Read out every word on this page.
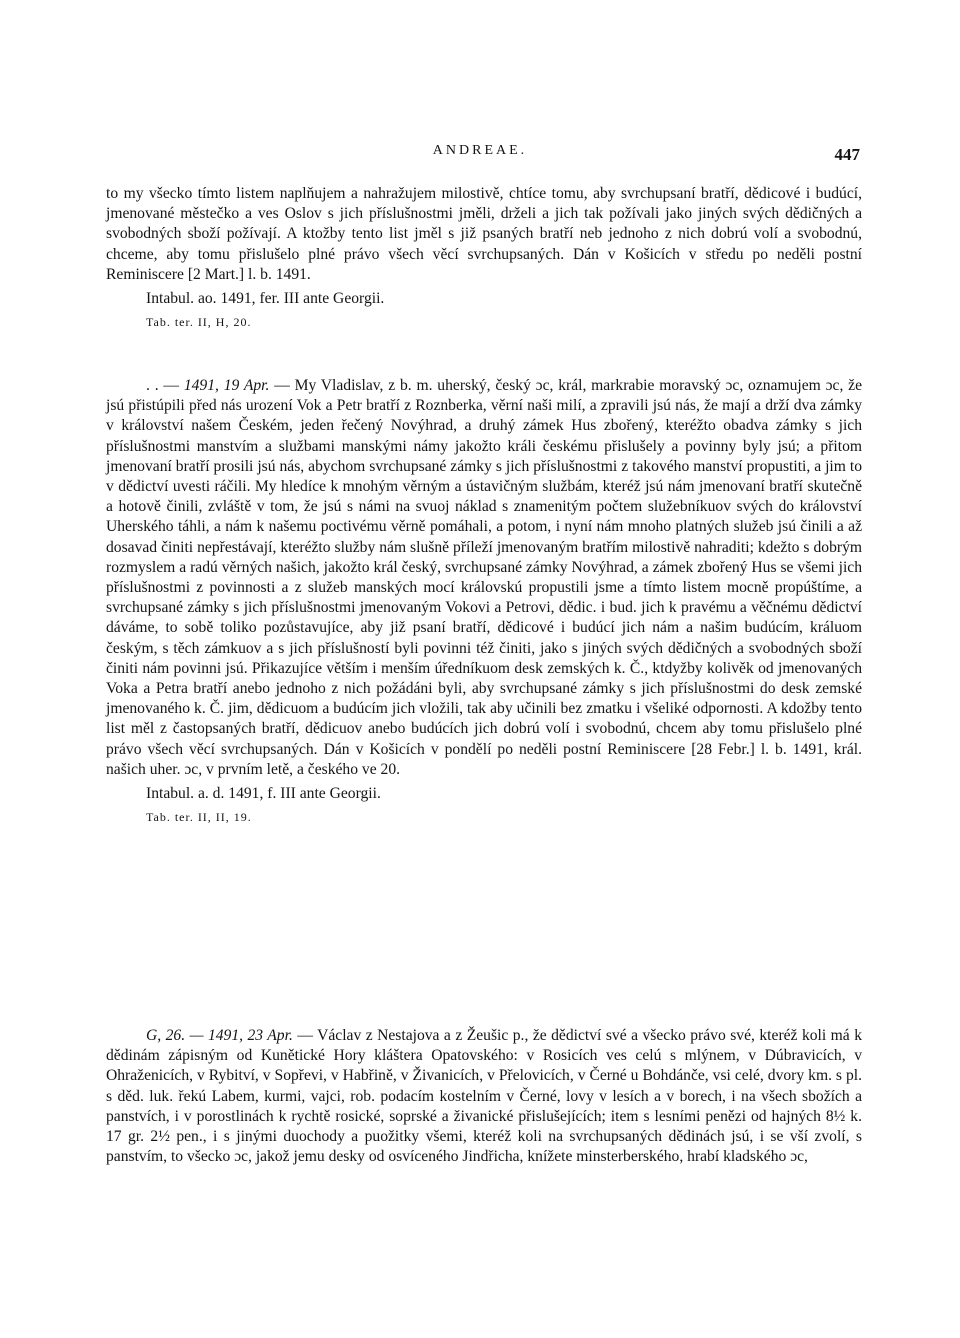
ANDREAE.	447

to my všecko tímto listem naplňujem a nahražujem milostivě, chtíce tomu, aby svrchupsaní bratří, dědicové i budúcí, jmenované městečko a ves Oslov s jich příslušnostmi jměli, drželi a jich tak požívali jako jiných svých dědičných a svobodných sboží požívají. A ktožby tento list jměl s již psaných bratří neb jednoho z nich dobrú volí a svobodnú, chceme, aby tomu přislušelo plné právo všech věcí svrchupsaných. Dán v Košicích v středu po neděli postní Reminiscere [2 Mart.] l. b. 1491.

Intabul. ao. 1491, fer. III ante Georgii.
Tab. ter. II, H, 20.

. . — 1491, 19 Apr. — My Vladislav, z b. m. uherský, český ɔc, král, markrabie moravský ɔc, oznamujem ɔc, že jsú přistúpili před nás urození Vok a Petr bratří z Roznberka, věrní naši milí, a zpravili jsú nás, že mají a drží dva zámky v království našem Českém, jeden řečený Novýhrad, a druhý zámek Hus zbořený, kteréžto obadva zámky s jich příslušnostmi manstvím a službami manskými námy jakožto králi českému přislušely a povinny byly jsú; a přitom jmenovaní bratří prosili jsú nás, abychom svrchupsané zámky s jich příslušnostmi z takového manství propustiti, a jim to v dědictví uvesti ráčili. My hledíce k mnohým věrným a ústavičným službám, kteréž jsú nám jmenovaní bratří skutečně a hotově činili, zvláště v tom, že jsú s námi na svuoj náklad s znamenitým počtem služebníkuov svých do království Uherského táhli, a nám k našemu poctivému věrně pomáhali, a potom, i nyní nám mnoho platných služeb jsú činili a až dosavad činiti nepřestávají, kteréžto služby nám slušně příleží jmenovaným bratřím milostivě nahraditi; kdežto s dobrým rozmyslem a radú věrných našich, jakožto král český, svrchupsané zámky Novýhrad, a zámek zbořený Hus se všemi jich příslušnostmi z povinnosti a z služeb manských mocí královskú propustili jsme a tímto listem mocně propúštíme, a svrchupsané zámky s jich příslušnostmi jmenovaným Vokovi a Petrovi, dědic. i bud. jich k pravému a věčnému dědictví dáváme, to sobě toliko pozůstavujíce, aby již psaní bratří, dědicové i budúcí jich nám a našim budúcím, králuom českým, s těch zámkuov a s jich příslušností byli povinni též činiti, jako s jiných svých dědičných a svobodných sboží činiti nám povinni jsú. Přikazujíce větším i menším úředníkuom desk zemských k. Č., ktdyžby kolivěk od jmenovaných Voka a Petra bratří anebo jednoho z nich požádáni byli, aby svrchupsané zámky s jich příslušnostmi do desk zemské jmenovaného k. Č. jim, dědicuom a budúcím jich vložili, tak aby učinili bez zmatku i všeliké odpornosti. A kdožby tento list měl z častopsaných bratří, dědicuov anebo budúcích jich dobrú volí i svobodnú, chcem aby tomu přislušelo plné právo všech věcí svrchupsaných. Dán v Košicích v pondělí po neděli postní Reminiscere [28 Febr.] l. b. 1491, král. našich uher. ɔc, v prvním letě, a českého ve 20.

Intabul. a. d. 1491, f. III ante Georgii.
Tab. ter. II, II, 19.

G, 26. — 1491, 23 Apr. — Václav z Nestajova a z Žeušic p., že dědictví své a všecko právo své, kteréž koli má k dědinám zápisným od Kunětické Hory kláštera Opatovského: v Rosicích ves celú s mlýnem, v Dúbravicích, v Ohraženicích, v Rybitví, v Sopřevi, v Habřině, v Živanicích, v Přelovicích, v Černé u Bohdánče, vsi celé, dvory km. s pl. s děd. luk. řekú Labem, kurmi, vajci, rob. podacím kostelním v Černé, lovy v lesích a v borech, i na všech sbožích a panstvích, i v porostlinách k rychtě rosické, soprské a živanické přislušejících; item s lesními penězi od hajných 8½ k. 17 gr. 2½ pen., i s jinými duochody a puožitky všemi, kteréž koli na svrchupsaných dědinách jsú, i se vší zvolí, s panstvím, to všecko ɔc, jakož jemu desky od osvíceného Jindřicha, knížete minsterberského, hrabí kladského ɔc,
